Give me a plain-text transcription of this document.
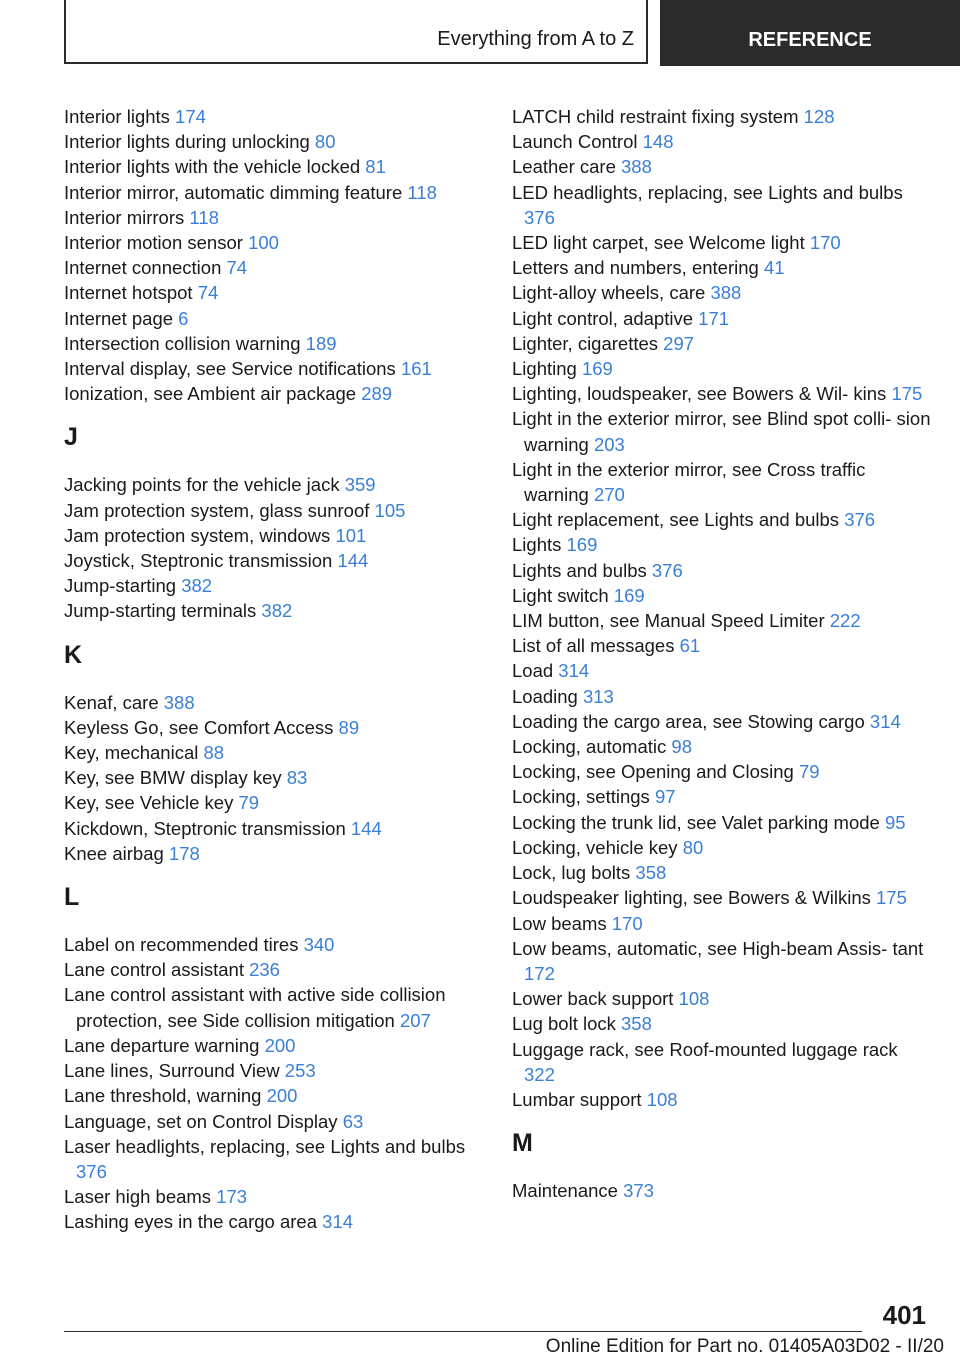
Everything from A to Z	REFERENCE
Interior lights 174
Interior lights during unlocking 80
Interior lights with the vehicle locked 81
Interior mirror, automatic dimming feature 118
Interior mirrors 118
Interior motion sensor 100
Internet connection 74
Internet hotspot 74
Internet page 6
Intersection collision warning 189
Interval display, see Service notifications 161
Ionization, see Ambient air package 289
J
Jacking points for the vehicle jack 359
Jam protection system, glass sunroof 105
Jam protection system, windows 101
Joystick, Steptronic transmission 144
Jump-starting 382
Jump-starting terminals 382
K
Kenaf, care 388
Keyless Go, see Comfort Access 89
Key, mechanical 88
Key, see BMW display key 83
Key, see Vehicle key 79
Kickdown, Steptronic transmission 144
Knee airbag 178
L
Label on recommended tires 340
Lane control assistant 236
Lane control assistant with active side collision protection, see Side collision mitigation 207
Lane departure warning 200
Lane lines, Surround View 253
Lane threshold, warning 200
Language, set on Control Display 63
Laser headlights, replacing, see Lights and bulbs 376
Laser high beams 173
Lashing eyes in the cargo area 314
LATCH child restraint fixing system 128
Launch Control 148
Leather care 388
LED headlights, replacing, see Lights and bulbs 376
LED light carpet, see Welcome light 170
Letters and numbers, entering 41
Light-alloy wheels, care 388
Light control, adaptive 171
Lighter, cigarettes 297
Lighting 169
Lighting, loudspeaker, see Bowers & Wil‐ kins 175
Light in the exterior mirror, see Blind spot colli‐ sion warning 203
Light in the exterior mirror, see Cross traffic warning 270
Light replacement, see Lights and bulbs 376
Lights 169
Lights and bulbs 376
Light switch 169
LIM button, see Manual Speed Limiter 222
List of all messages 61
Load 314
Loading 313
Loading the cargo area, see Stowing cargo 314
Locking, automatic 98
Locking, see Opening and Closing 79
Locking, settings 97
Locking the trunk lid, see Valet parking mode 95
Locking, vehicle key 80
Lock, lug bolts 358
Loudspeaker lighting, see Bowers & Wilkins 175
Low beams 170
Low beams, automatic, see High-beam Assis‐ tant 172
Lower back support 108
Lug bolt lock 358
Luggage rack, see Roof-mounted luggage rack 322
Lumbar support 108
M
Maintenance 373
401
Online Edition for Part no. 01405A03D02 - II/20
